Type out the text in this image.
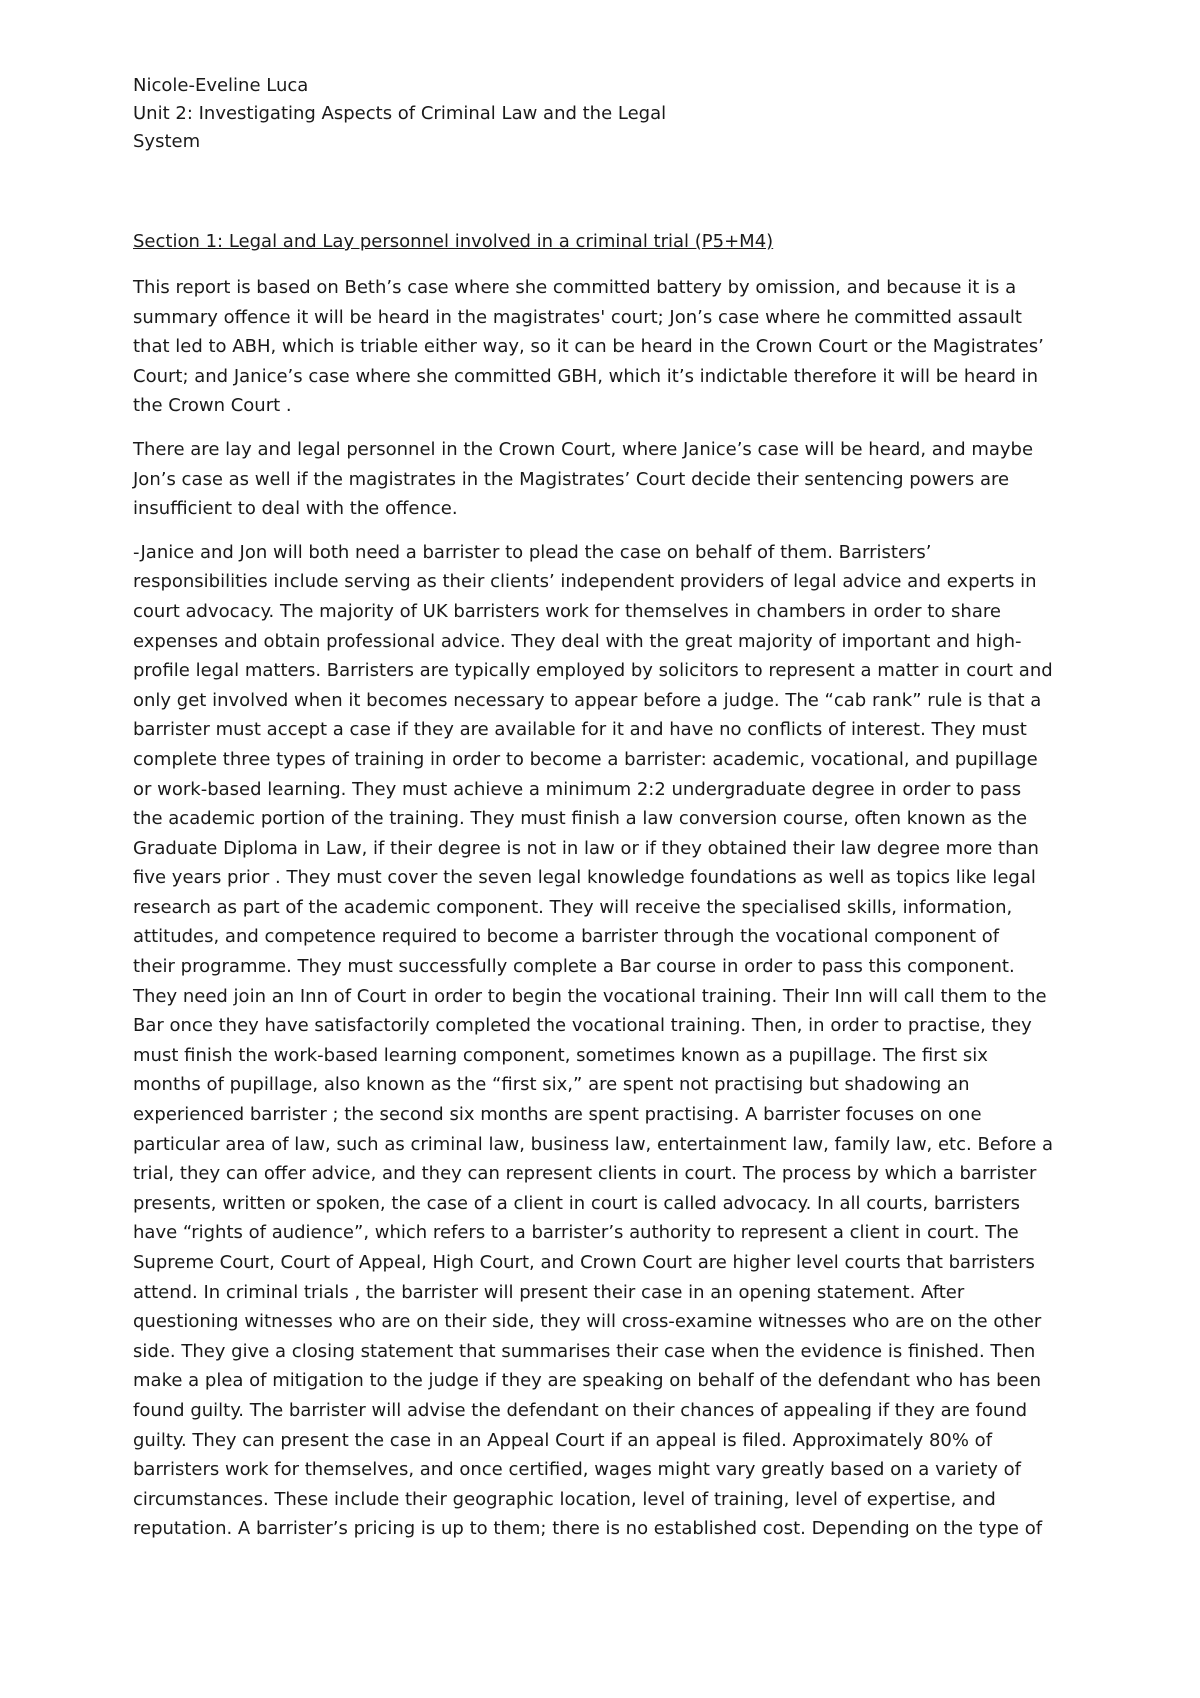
Nicole-Eveline Luca
Unit 2: Investigating Aspects of Criminal Law and the Legal
System
Section 1: Legal and Lay personnel involved in a criminal trial (P5+M4)
This report is based on Beth’s case where she committed battery by omission, and because it is a
summary offence it will be heard in the magistrates' court; Jon’s case where he committed assault
that led to ABH, which is triable either way, so it can be heard in the Crown Court or the Magistrates’
Court; and Janice’s case where she committed GBH, which it’s indictable therefore it will be heard in
the Crown Court .
There are lay and legal personnel in the Crown Court, where Janice’s case will be heard, and maybe
Jon’s case as well if the magistrates in the Magistrates’ Court decide their sentencing powers are
insufficient to deal with the offence.
-Janice and Jon will both need a barrister to plead the case on behalf of them. Barristers’
responsibilities include serving as their clients’ independent providers of legal advice and experts in
court advocacy. The majority of UK barristers work for themselves in chambers in order to share
expenses and obtain professional advice. They deal with the great majority of important and high-
profile legal matters. Barristers are typically employed by solicitors to represent a matter in court and
only get involved when it becomes necessary to appear before a judge. The “cab rank” rule is that a
barrister must accept a case if they are available for it and have no conflicts of interest. They must
complete three types of training in order to become a barrister: academic, vocational, and pupillage
or work-based learning. They must achieve a minimum 2:2 undergraduate degree in order to pass
the academic portion of the training. They must finish a law conversion course, often known as the
Graduate Diploma in Law, if their degree is not in law or if they obtained their law degree more than
five years prior . They must cover the seven legal knowledge foundations as well as topics like legal
research as part of the academic component. They will receive the specialised skills, information,
attitudes, and competence required to become a barrister through the vocational component of
their programme. They must successfully complete a Bar course in order to pass this component.
They need join an Inn of Court in order to begin the vocational training. Their Inn will call them to the
Bar once they have satisfactorily completed the vocational training. Then, in order to practise, they
must finish the work-based learning component, sometimes known as a pupillage. The first six
months of pupillage, also known as the “first six,” are spent not practising but shadowing an
experienced barrister ; the second six months are spent practising. A barrister focuses on one
particular area of law, such as criminal law, business law, entertainment law, family law, etc. Before a
trial, they can offer advice, and they can represent clients in court. The process by which a barrister
presents, written or spoken, the case of a client in court is called advocacy. In all courts, barristers
have “rights of audience”, which refers to a barrister’s authority to represent a client in court. The
Supreme Court, Court of Appeal, High Court, and Crown Court are higher level courts that barristers
attend. In criminal trials , the barrister will present their case in an opening statement. After
questioning witnesses who are on their side, they will cross-examine witnesses who are on the other
side. They give a closing statement that summarises their case when the evidence is finished. Then
make a plea of mitigation to the judge if they are speaking on behalf of the defendant who has been
found guilty. The barrister will advise the defendant on their chances of appealing if they are found
guilty. They can present the case in an Appeal Court if an appeal is filed. Approximately 80% of
barristers work for themselves, and once certified, wages might vary greatly based on a variety of
circumstances. These include their geographic location, level of training, level of expertise, and
reputation. A barrister’s pricing is up to them; there is no established cost. Depending on the type of
